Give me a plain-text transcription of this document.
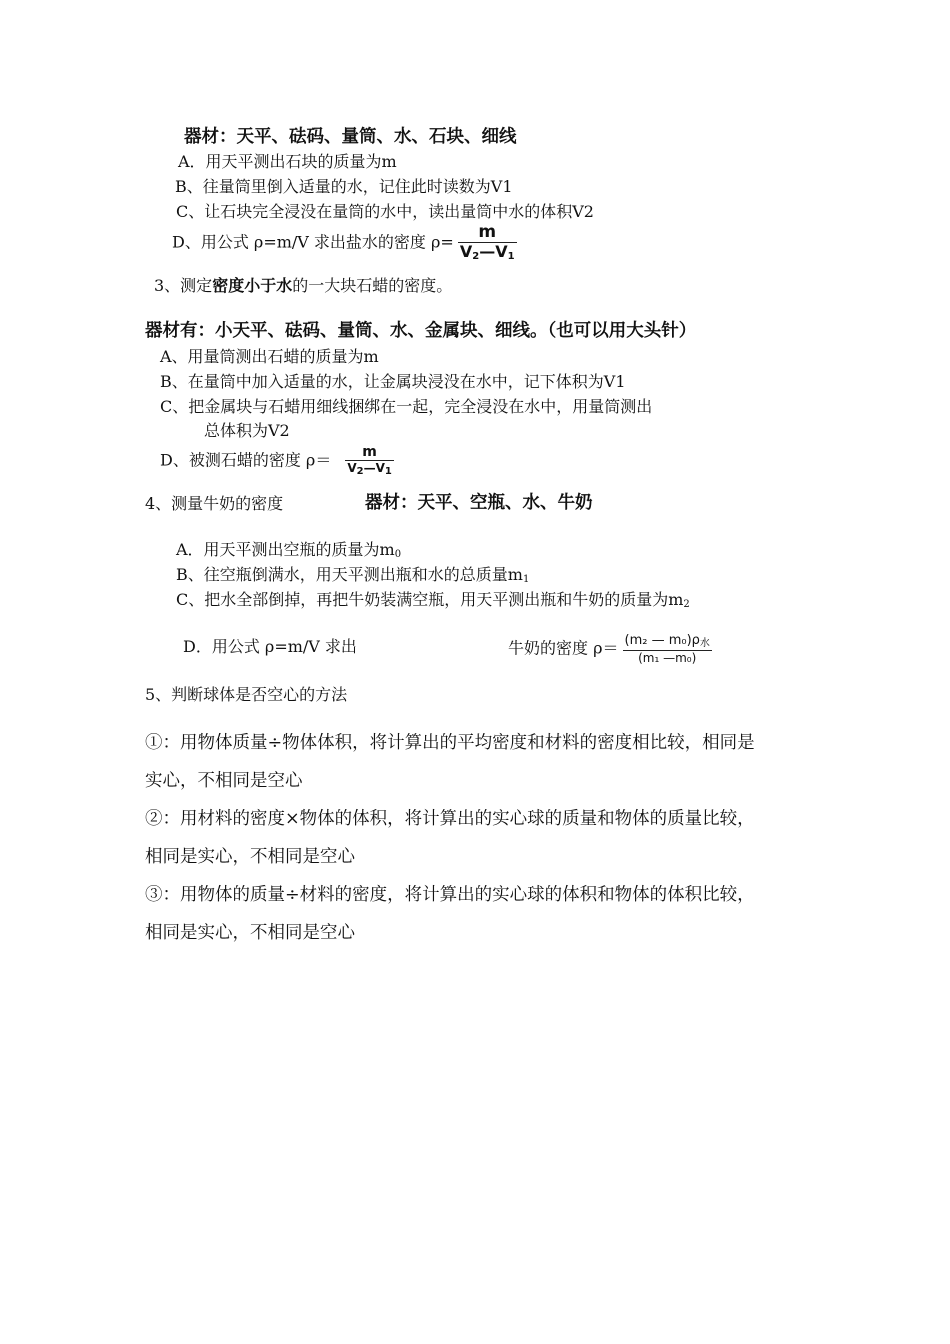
器材：天平、砝码、量筒、水、石块、细线
A．用天平测出石块的质量为m
B、往量筒里倒入适量的水，记住此时读数为V1
C、让石块完全浸没在量筒的水中，读出量筒中水的体积V2
D、用公式 ρ=m/V 求出盐水的密度 $\rho= \frac{m}{V_2—V_1}$
3、测定密度小于水的一大块石蜡的密度。
器材有：小天平、砝码、量筒、水、金属块、细线。（也可以用大头针）
A、用量筒测出石蜡的质量为m
B、在量筒中加入适量的水，让金属块浸没在水中，记下体积为V1
C、把金属块与石蜡用细线捆绑在一起，完全浸没在水中，用量筒测出
总体积为V2
D、被测石蜡的密度 $\rho= \frac{m}{V_2—V_1}$
4、测量牛奶的密度	器材：天平、空瓶、水、牛奶
A．用天平测出空瓶的质量为$m_0$
B、往空瓶倒满水，用天平测出瓶和水的总质量$m_1$
C、把水全部倒掉，再把牛奶装满空瓶，用天平测出瓶和牛奶的质量为$m_2$
D．用公式 ρ=m/V 求出	牛奶的密度 $\rho= \frac{(m_2 — m_0)\rho_水}{\text{(m₁ —m₀)}}$
5、判断球体是否空心的方法
①：用物体质量÷物体体积，将计算出的平均密度和材料的密度相比较，相同是
实心，不相同是空心
②：用材料的密度×物体的体积，将计算出的实心球的质量和物体的质量比较，
相同是实心，不相同是空心
③：用物体的质量÷材料的密度，将计算出的实心球的体积和物体的体积比较，
相同是实心，不相同是空心
